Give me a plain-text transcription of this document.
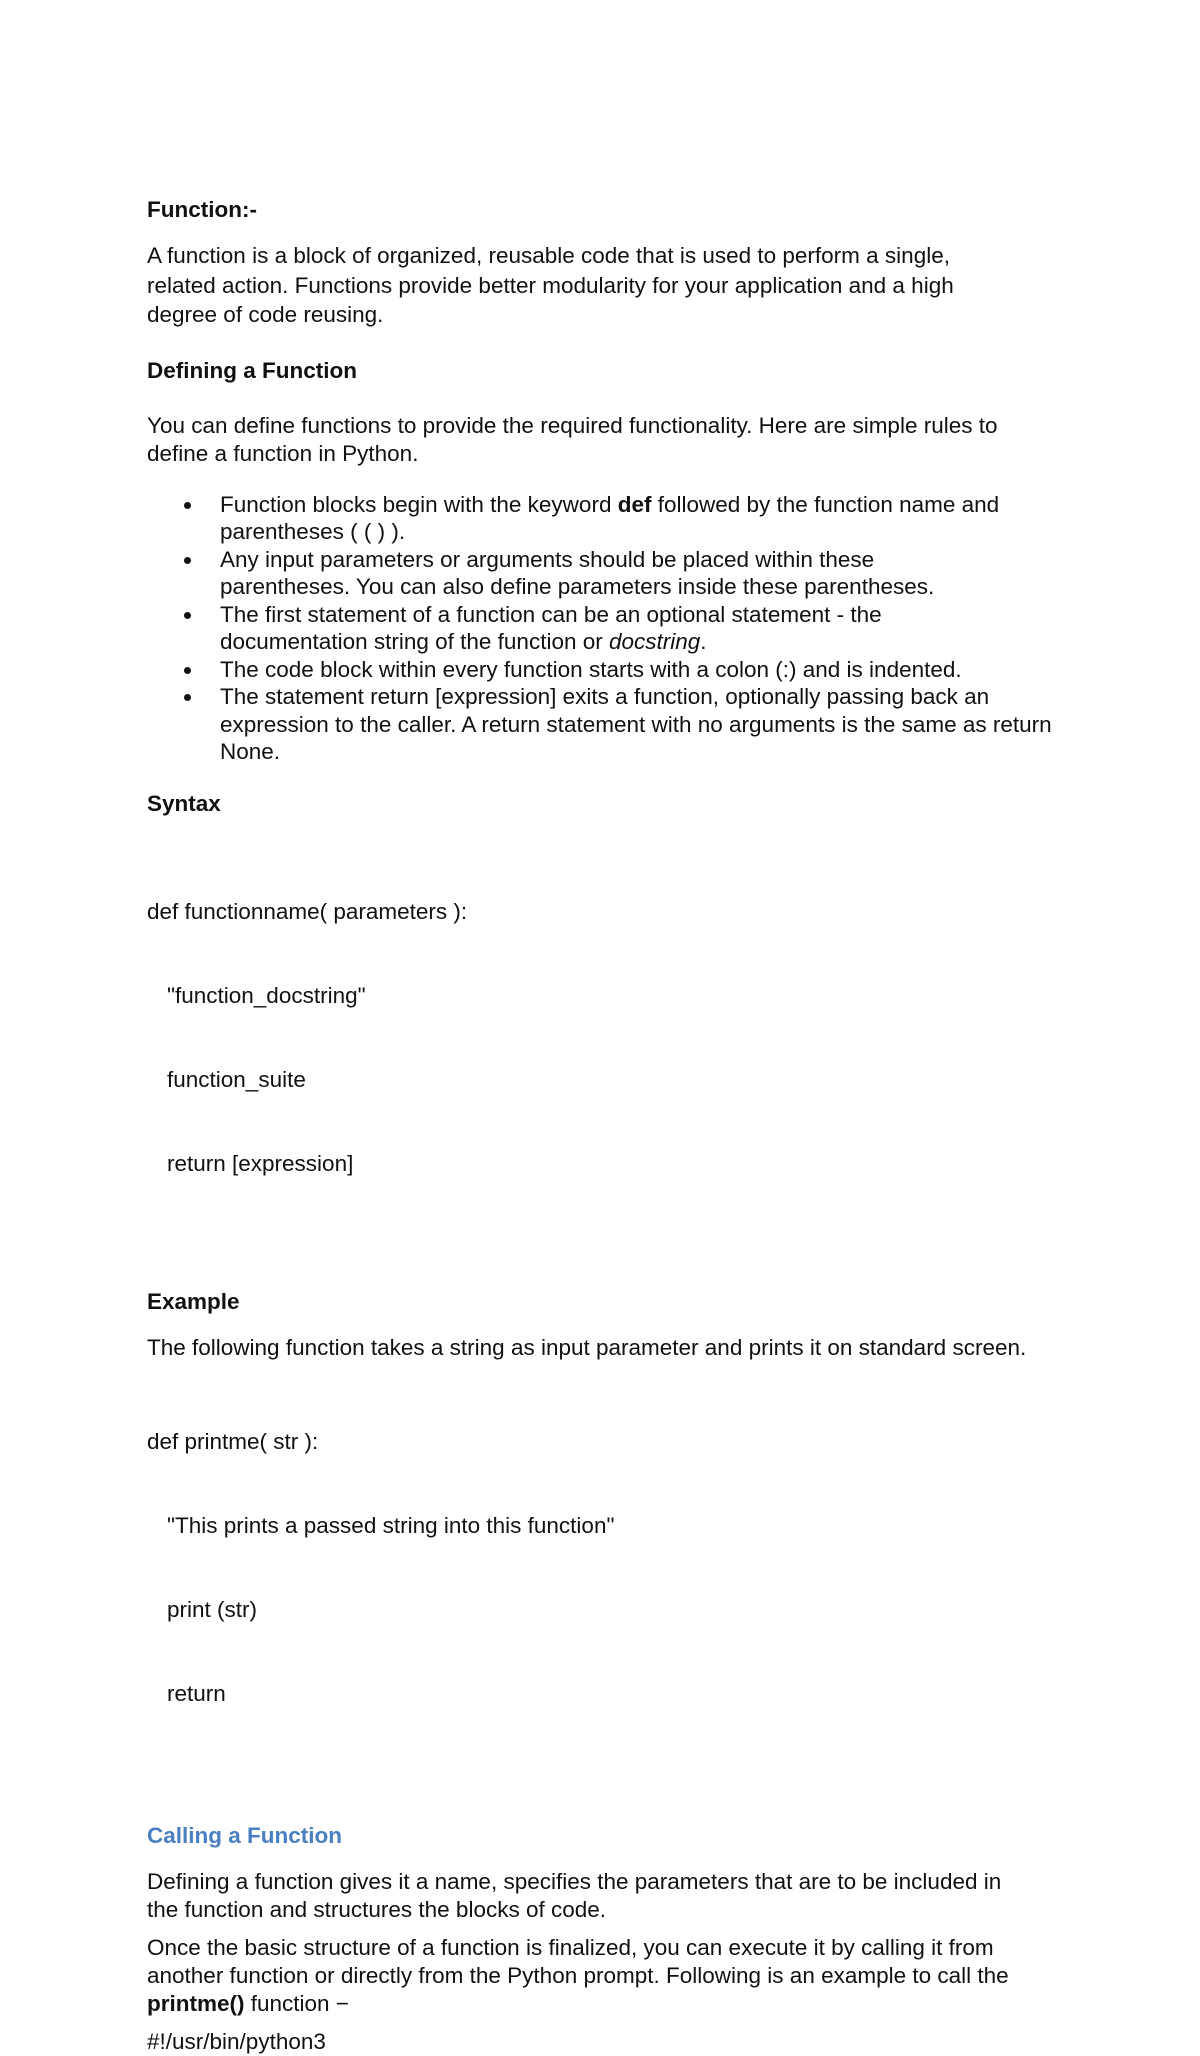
Function:-

A function is a block of organized, reusable code that is used to perform a single, related action. Functions provide better modularity for your application and a high degree of code reusing.

Defining a Function

You can define functions to provide the required functionality. Here are simple rules to define a function in Python.

Function blocks begin with the keyword def followed by the function name and parentheses ( ( ) ).
Any input parameters or arguments should be placed within these parentheses. You can also define parameters inside these parentheses.
The first statement of a function can be an optional statement - the documentation string of the function or docstring.
The code block within every function starts with a colon (:) and is indented.
The statement return [expression] exits a function, optionally passing back an expression to the caller. A return statement with no arguments is the same as return None.

Syntax

def functionname( parameters ):

"function_docstring"

function_suite

return [expression]

Example

The following function takes a string as input parameter and prints it on standard screen.

def printme( str ):

"This prints a passed string into this function"

print (str)

return

Calling a Function

Defining a function gives it a name, specifies the parameters that are to be included in the function and structures the blocks of code.

Once the basic structure of a function is finalized, you can execute it by calling it from another function or directly from the Python prompt. Following is an example to call the printme() function −

#!/usr/bin/python3
